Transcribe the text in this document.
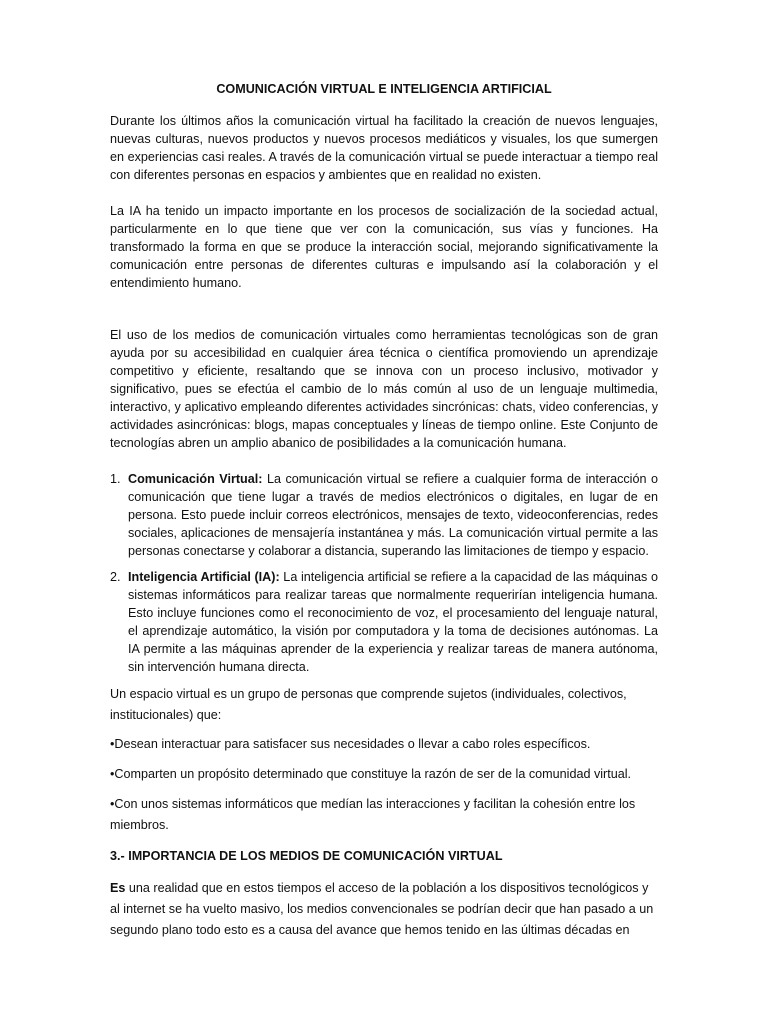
COMUNICACIÓN VIRTUAL E INTELIGENCIA ARTIFICIAL

Durante los últimos años la comunicación virtual ha facilitado la creación de nuevos lenguajes, nuevas culturas, nuevos productos y nuevos procesos mediáticos y visuales, los que sumergen en experiencias casi reales. A través de la comunicación virtual se puede interactuar a tiempo real con diferentes personas en espacios y ambientes que en realidad no existen.

La IA ha tenido un impacto importante en los procesos de socialización de la sociedad actual, particularmente en lo que tiene que ver con la comunicación, sus vías y funciones. Ha transformado la forma en que se produce la interacción social, mejorando significativamente la comunicación entre personas de diferentes culturas e impulsando así la colaboración y el entendimiento humano.

El uso de los medios de comunicación virtuales como herramientas tecnológicas son de gran ayuda por su accesibilidad en cualquier área técnica o científica promoviendo un aprendizaje competitivo y eficiente, resaltando que se innova con un proceso inclusivo, motivador y significativo, pues se efectúa el cambio de lo más común al uso de un lenguaje multimedia, interactivo, y aplicativo empleando diferentes actividades sincrónicas: chats, video conferencias, y actividades asincrónicas: blogs, mapas conceptuales y líneas de tiempo online. Este Conjunto de tecnologías abren un amplio abanico de posibilidades a la comunicación humana.

1. Comunicación Virtual: La comunicación virtual se refiere a cualquier forma de interacción o comunicación que tiene lugar a través de medios electrónicos o digitales, en lugar de en persona. Esto puede incluir correos electrónicos, mensajes de texto, videoconferencias, redes sociales, aplicaciones de mensajería instantánea y más. La comunicación virtual permite a las personas conectarse y colaborar a distancia, superando las limitaciones de tiempo y espacio.
2. Inteligencia Artificial (IA): La inteligencia artificial se refiere a la capacidad de las máquinas o sistemas informáticos para realizar tareas que normalmente requerirían inteligencia humana. Esto incluye funciones como el reconocimiento de voz, el procesamiento del lenguaje natural, el aprendizaje automático, la visión por computadora y la toma de decisiones autónomas. La IA permite a las máquinas aprender de la experiencia y realizar tareas de manera autónoma, sin intervención humana directa.

Un espacio virtual es un grupo de personas que comprende sujetos (individuales, colectivos, institucionales) que:

•Desean interactuar para satisfacer sus necesidades o llevar a cabo roles específicos.

•Comparten un propósito determinado que constituye la razón de ser de la comunidad virtual.

•Con unos sistemas informáticos que medían las interacciones y facilitan la cohesión entre los miembros.

3.- IMPORTANCIA DE LOS MEDIOS DE COMUNICACIÓN VIRTUAL

Es una realidad que en estos tiempos el acceso de la población a los dispositivos tecnológicos y al internet se ha vuelto masivo, los medios convencionales se podrían decir que han pasado a un segundo plano todo esto es a causa del avance que hemos tenido en las últimas décadas en
